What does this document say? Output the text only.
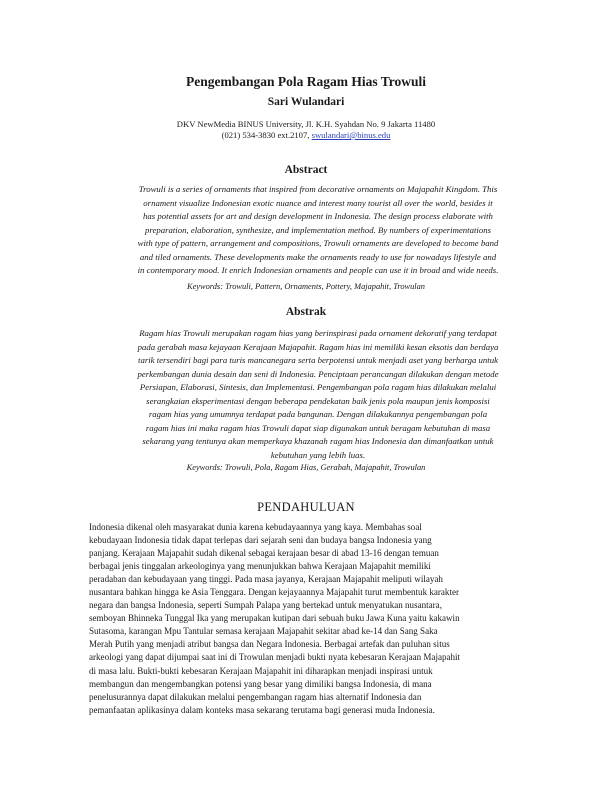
Pengembangan Pola Ragam Hias Trowuli
Sari Wulandari
DKV NewMedia BINUS University, Jl. K.H. Syahdan No. 9 Jakarta 11480
(021) 534-3830 ext.2107, swulandari@binus.edu
Abstract
Trowuli is a series of ornaments that inspired from decorative ornaments on Majapahit Kingdom. This
ornament visualize Indonesian exotic nuance and interest many tourist all over the world, besides it
has potential assets for art and design development in Indonesia. The design process elaborate with
preparation, elaboration, synthesize, and implementation method. By numbers of experimentations
with type of pattern, arrangement and compositions, Trowuli ornaments are developed to become band
and tiled ornaments. These developments make the ornaments ready to use for nowadays lifestyle and
in contemporary mood. It enrich Indonesian ornaments and people can use it in broad and wide needs.
Keywords: Trowuli, Pattern, Ornaments, Pottery, Majapahit, Trowulan
Abstrak
Ragam hias Trowuli merupakan ragam hias yang berinspirasi pada ornament dekoratif yang terdapat
pada gerabah masa kejayaan Kerajaan Majapahit. Ragam hias ini memiliki kesan eksotis dan berdaya
tarik tersendiri bagi para turis mancanegara serta berpotensi untuk menjadi aset yang berharga untuk
perkembangan dunia desain dan seni di Indonesia. Penciptaan perancangan dilakukan dengan metode
Persiapan, Elaborasi, Sintesis, dan Implementasi. Pengembangan pola ragam hias dilakukan melalui
serangkaian eksperimentasi dengan beberapa pendekatan baik jenis pola maupun jenis komposisi
ragam hias yang umumnya terdapat pada bangunan. Dengan dilakukannya pengembangan pola
ragam hias ini maka ragam hias Trowuli dapat siap digunakan untuk beragam kebutuhan di masa
sekarang yang tentunya akan memperkaya khazanah ragam hias Indonesia dan dimanfaatkan untuk
kebutuhan yang lebih luas.
Keywords: Trowuli, Pola, Ragam Hias, Gerabah, Majapahit, Trowulan
PENDAHULUAN
Indonesia dikenal oleh masyarakat dunia karena kebudayaannya yang kaya. Membahas soal
kebudayaan Indonesia tidak dapat terlepas dari sejarah seni dan budaya bangsa Indonesia yang
panjang. Kerajaan Majapahit sudah dikenal sebagai kerajaan besar di abad 13-16 dengan temuan
berbagai jenis tinggalan arkeologinya yang menunjukkan bahwa Kerajaan Majapahit memiliki
peradaban dan kebudayaan yang tinggi. Pada masa jayanya, Kerajaan Majapahit meliputi wilayah
nusantara bahkan hingga ke Asia Tenggara. Dengan kejayaannya Majapahit turut membentuk karakter
negara dan bangsa Indonesia, seperti Sumpah Palapa yang bertekad untuk menyatukan nusantara,
semboyan Bhinneka Tunggal Ika yang merupakan kutipan dari sebuah buku Jawa Kuna yaitu kakawin
Sutasoma, karangan Mpu Tantular semasa kerajaan Majapahit sekitar abad ke-14 dan Sang Saka
Merah Putih yang menjadi atribut bangsa dan Negara Indonesia. Berbagai artefak dan puluhan situs
arkeologi yang dapat dijumpai saat ini di Trowulan menjadi bukti nyata kebesaran Kerajaan Majapahit
di masa lalu. Bukti-bukti kebesaran Kerajaan Majapahit ini diharapkan menjadi inspirasi untuk
membangun dan mengembangkan potensi yang besar yang dimiliki bangsa Indonesia, di mana
penelusurannya dapat dilakukan melalui pengembangan ragam hias alternatif Indonesia dan
pemanfaatan aplikasinya dalam konteks masa sekarang terutama bagi generasi muda Indonesia.
